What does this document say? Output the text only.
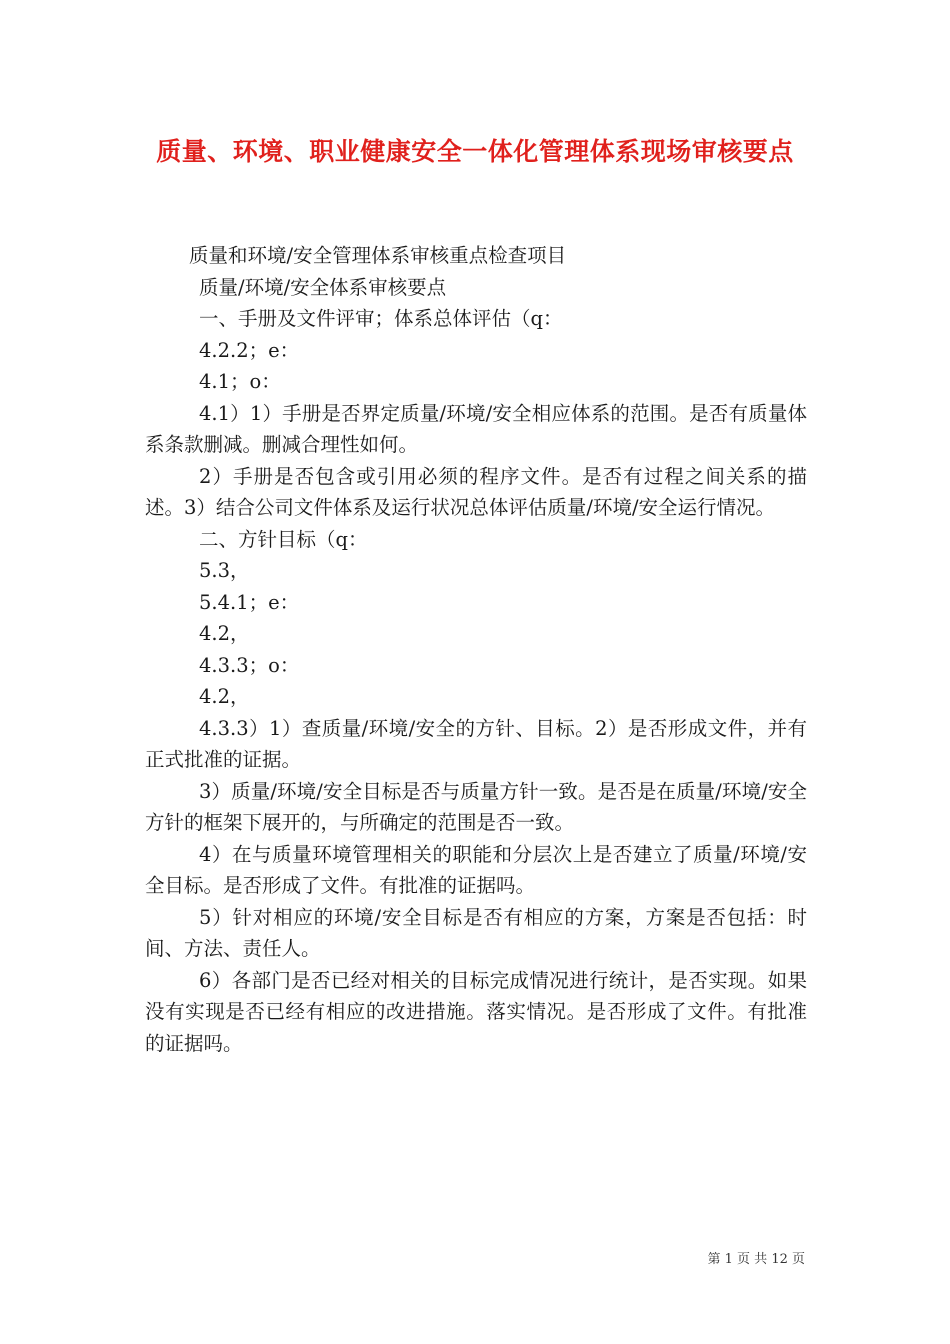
质量、环境、职业健康安全一体化管理体系现场审核要点

质量和环境/安全管理体系审核重点检查项目

质量/环境/安全体系审核要点

一、手册及文件评审；体系总体评估（q：

4.2.2；e：

4.1；o：

4.1）1）手册是否界定质量/环境/安全相应体系的范围。是否有质量体系条款删减。删减合理性如何。

2）手册是否包含或引用必须的程序文件。是否有过程之间关系的描述。3）结合公司文件体系及运行状况总体评估质量/环境/安全运行情况。

二、方针目标（q：

5.3，

5.4.1；e：

4.2，

4.3.3；o：

4.2，

4.3.3）1）查质量/环境/安全的方针、目标。2）是否形成文件，并有正式批准的证据。

3）质量/环境/安全目标是否与质量方针一致。是否是在质量/环境/安全方针的框架下展开的，与所确定的范围是否一致。

4）在与质量环境管理相关的职能和分层次上是否建立了质量/环境/安全目标。是否形成了文件。有批准的证据吗。

5）针对相应的环境/安全目标是否有相应的方案，方案是否包括：时间、方法、责任人。

6）各部门是否已经对相关的目标完成情况进行统计，是否实现。如果没有实现是否已经有相应的改进措施。落实情况。是否形成了文件。有批准的证据吗。

第 1 页 共 12 页
